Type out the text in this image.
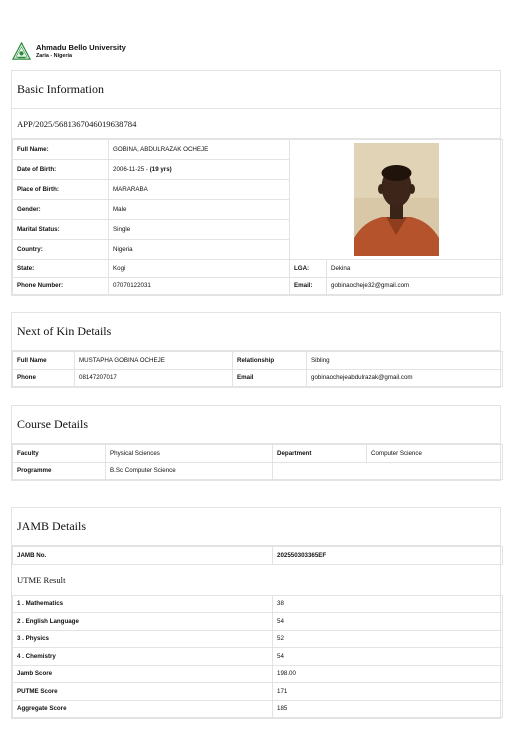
Ahmadu Bello University
Zaria - Nigeria
Basic Information
APP/2025/5681367046019638784
Full Name:	GOBINA, ABDULRAZAK OCHEJE	
Date of Birth:	2006-11-25 - (19 yrs)		
Place of Birth:	MARARABA		
Gender:	Male		
Marital Status:	Single		
Country:	Nigeria		
State:	Kogi	LGA:	Dekina
Phone Number:	07070122031	Email:	gobinaocheje32@gmail.com
Next of Kin Details
Full Name	MUSTAPHA GOBINA OCHEJE	Relationship	Sibling
Phone	08147207017	Email	gobinaochejeabdulrazak@gmail.com
Course Details
Faculty	Physical Sciences	Department	Computer Science
Programme	B.Sc Computer Science		
JAMB Details
JAMB No.	202550303365EF
UTME Result
1 . Mathematics	38
2 . English Language	54
3 . Physics	52
4 . Chemistry	54
Jamb Score	198.00
PUTME Score	171
Aggregate Score	185
